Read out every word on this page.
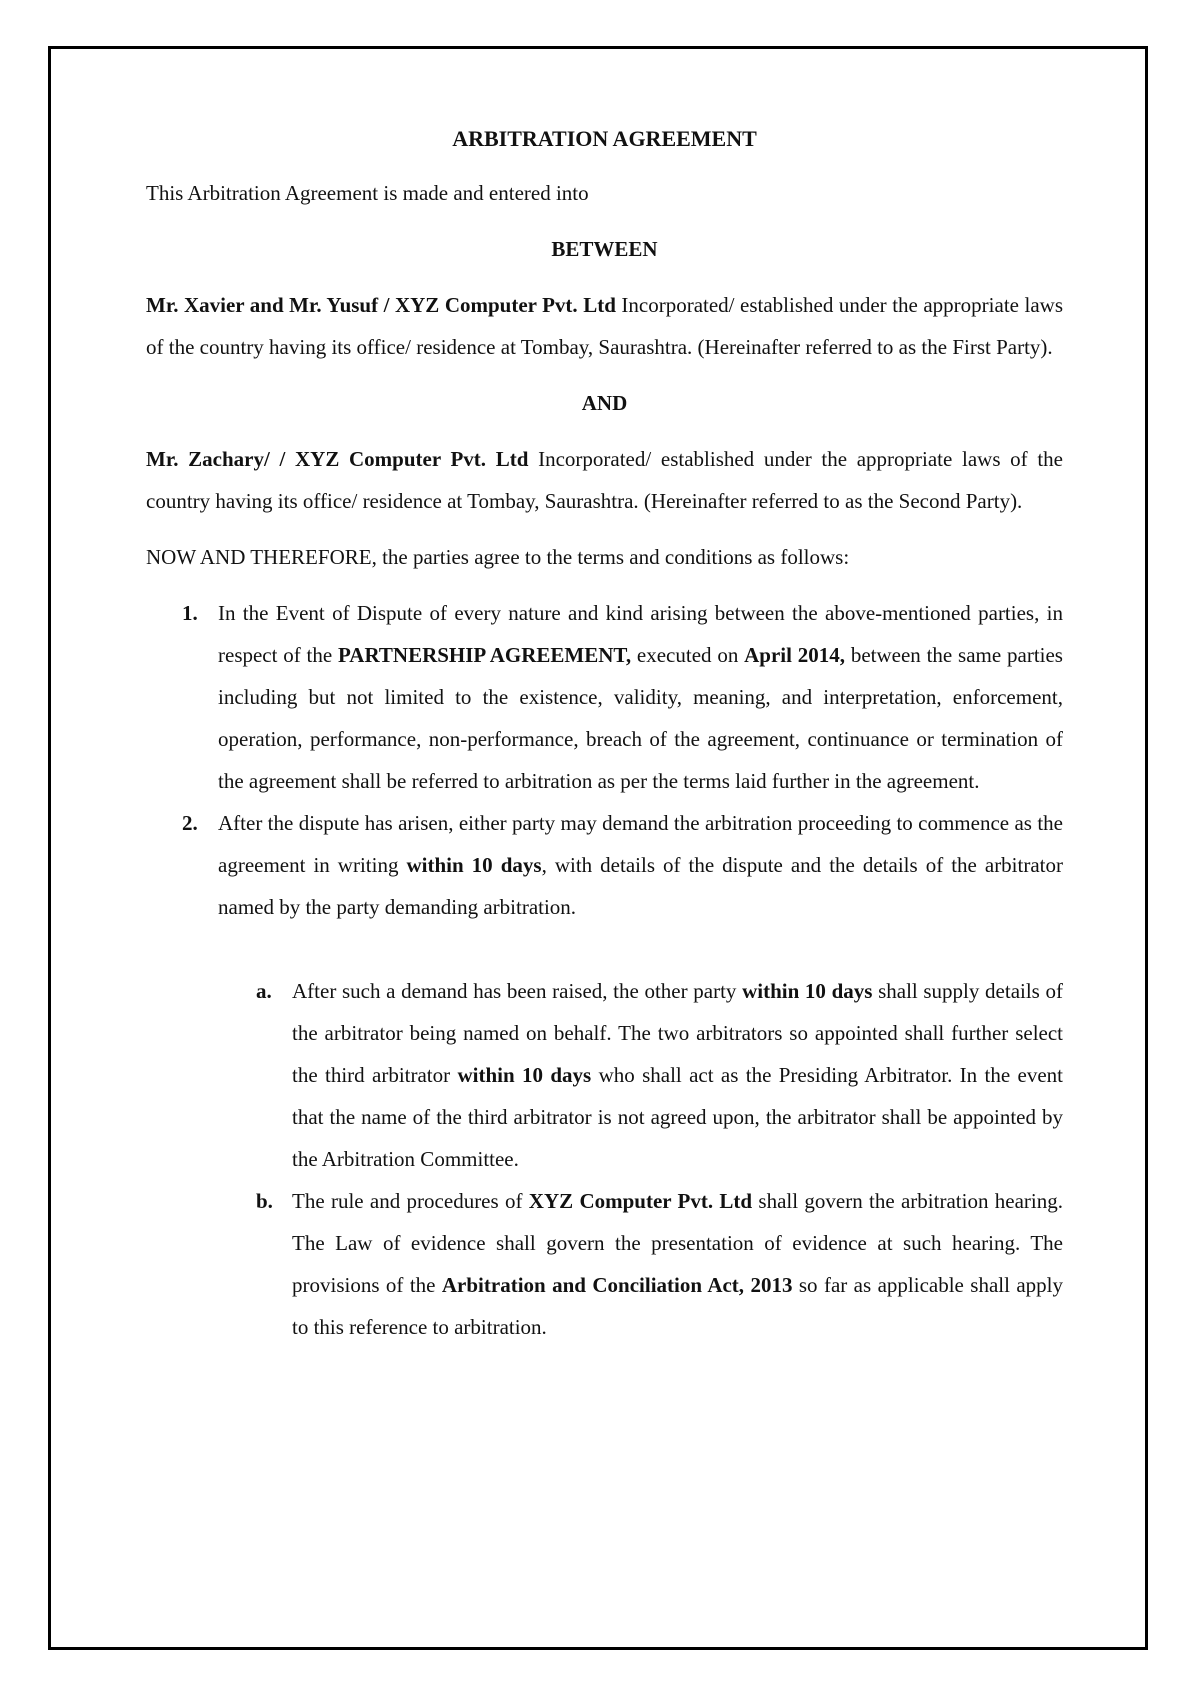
ARBITRATION AGREEMENT

This Arbitration Agreement is made and entered into

BETWEEN

Mr. Xavier and Mr. Yusuf / XYZ Computer Pvt. Ltd Incorporated/ established under the appropriate laws of the country having its office/ residence at Tombay, Saurashtra. (Hereinafter referred to as the First Party).

AND

Mr. Zachary/ / XYZ Computer Pvt. Ltd Incorporated/ established under the appropriate laws of the country having its office/ residence at Tombay, Saurashtra. (Hereinafter referred to as the Second Party).

NOW AND THEREFORE, the parties agree to the terms and conditions as follows:

1. In the Event of Dispute of every nature and kind arising between the above-mentioned parties, in respect of the PARTNERSHIP AGREEMENT, executed on April 2014, between the same parties including but not limited to the existence, validity, meaning, and interpretation, enforcement, operation, performance, non-performance, breach of the agreement, continuance or termination of the agreement shall be referred to arbitration as per the terms laid further in the agreement.
2. After the dispute has arisen, either party may demand the arbitration proceeding to commence as the agreement in writing within 10 days, with details of the dispute and the details of the arbitrator named by the party demanding arbitration.
a. After such a demand has been raised, the other party within 10 days shall supply details of the arbitrator being named on behalf. The two arbitrators so appointed shall further select the third arbitrator within 10 days who shall act as the Presiding Arbitrator. In the event that the name of the third arbitrator is not agreed upon, the arbitrator shall be appointed by the Arbitration Committee.
b. The rule and procedures of XYZ Computer Pvt. Ltd shall govern the arbitration hearing. The Law of evidence shall govern the presentation of evidence at such hearing. The provisions of the Arbitration and Conciliation Act, 2013 so far as applicable shall apply to this reference to arbitration.
